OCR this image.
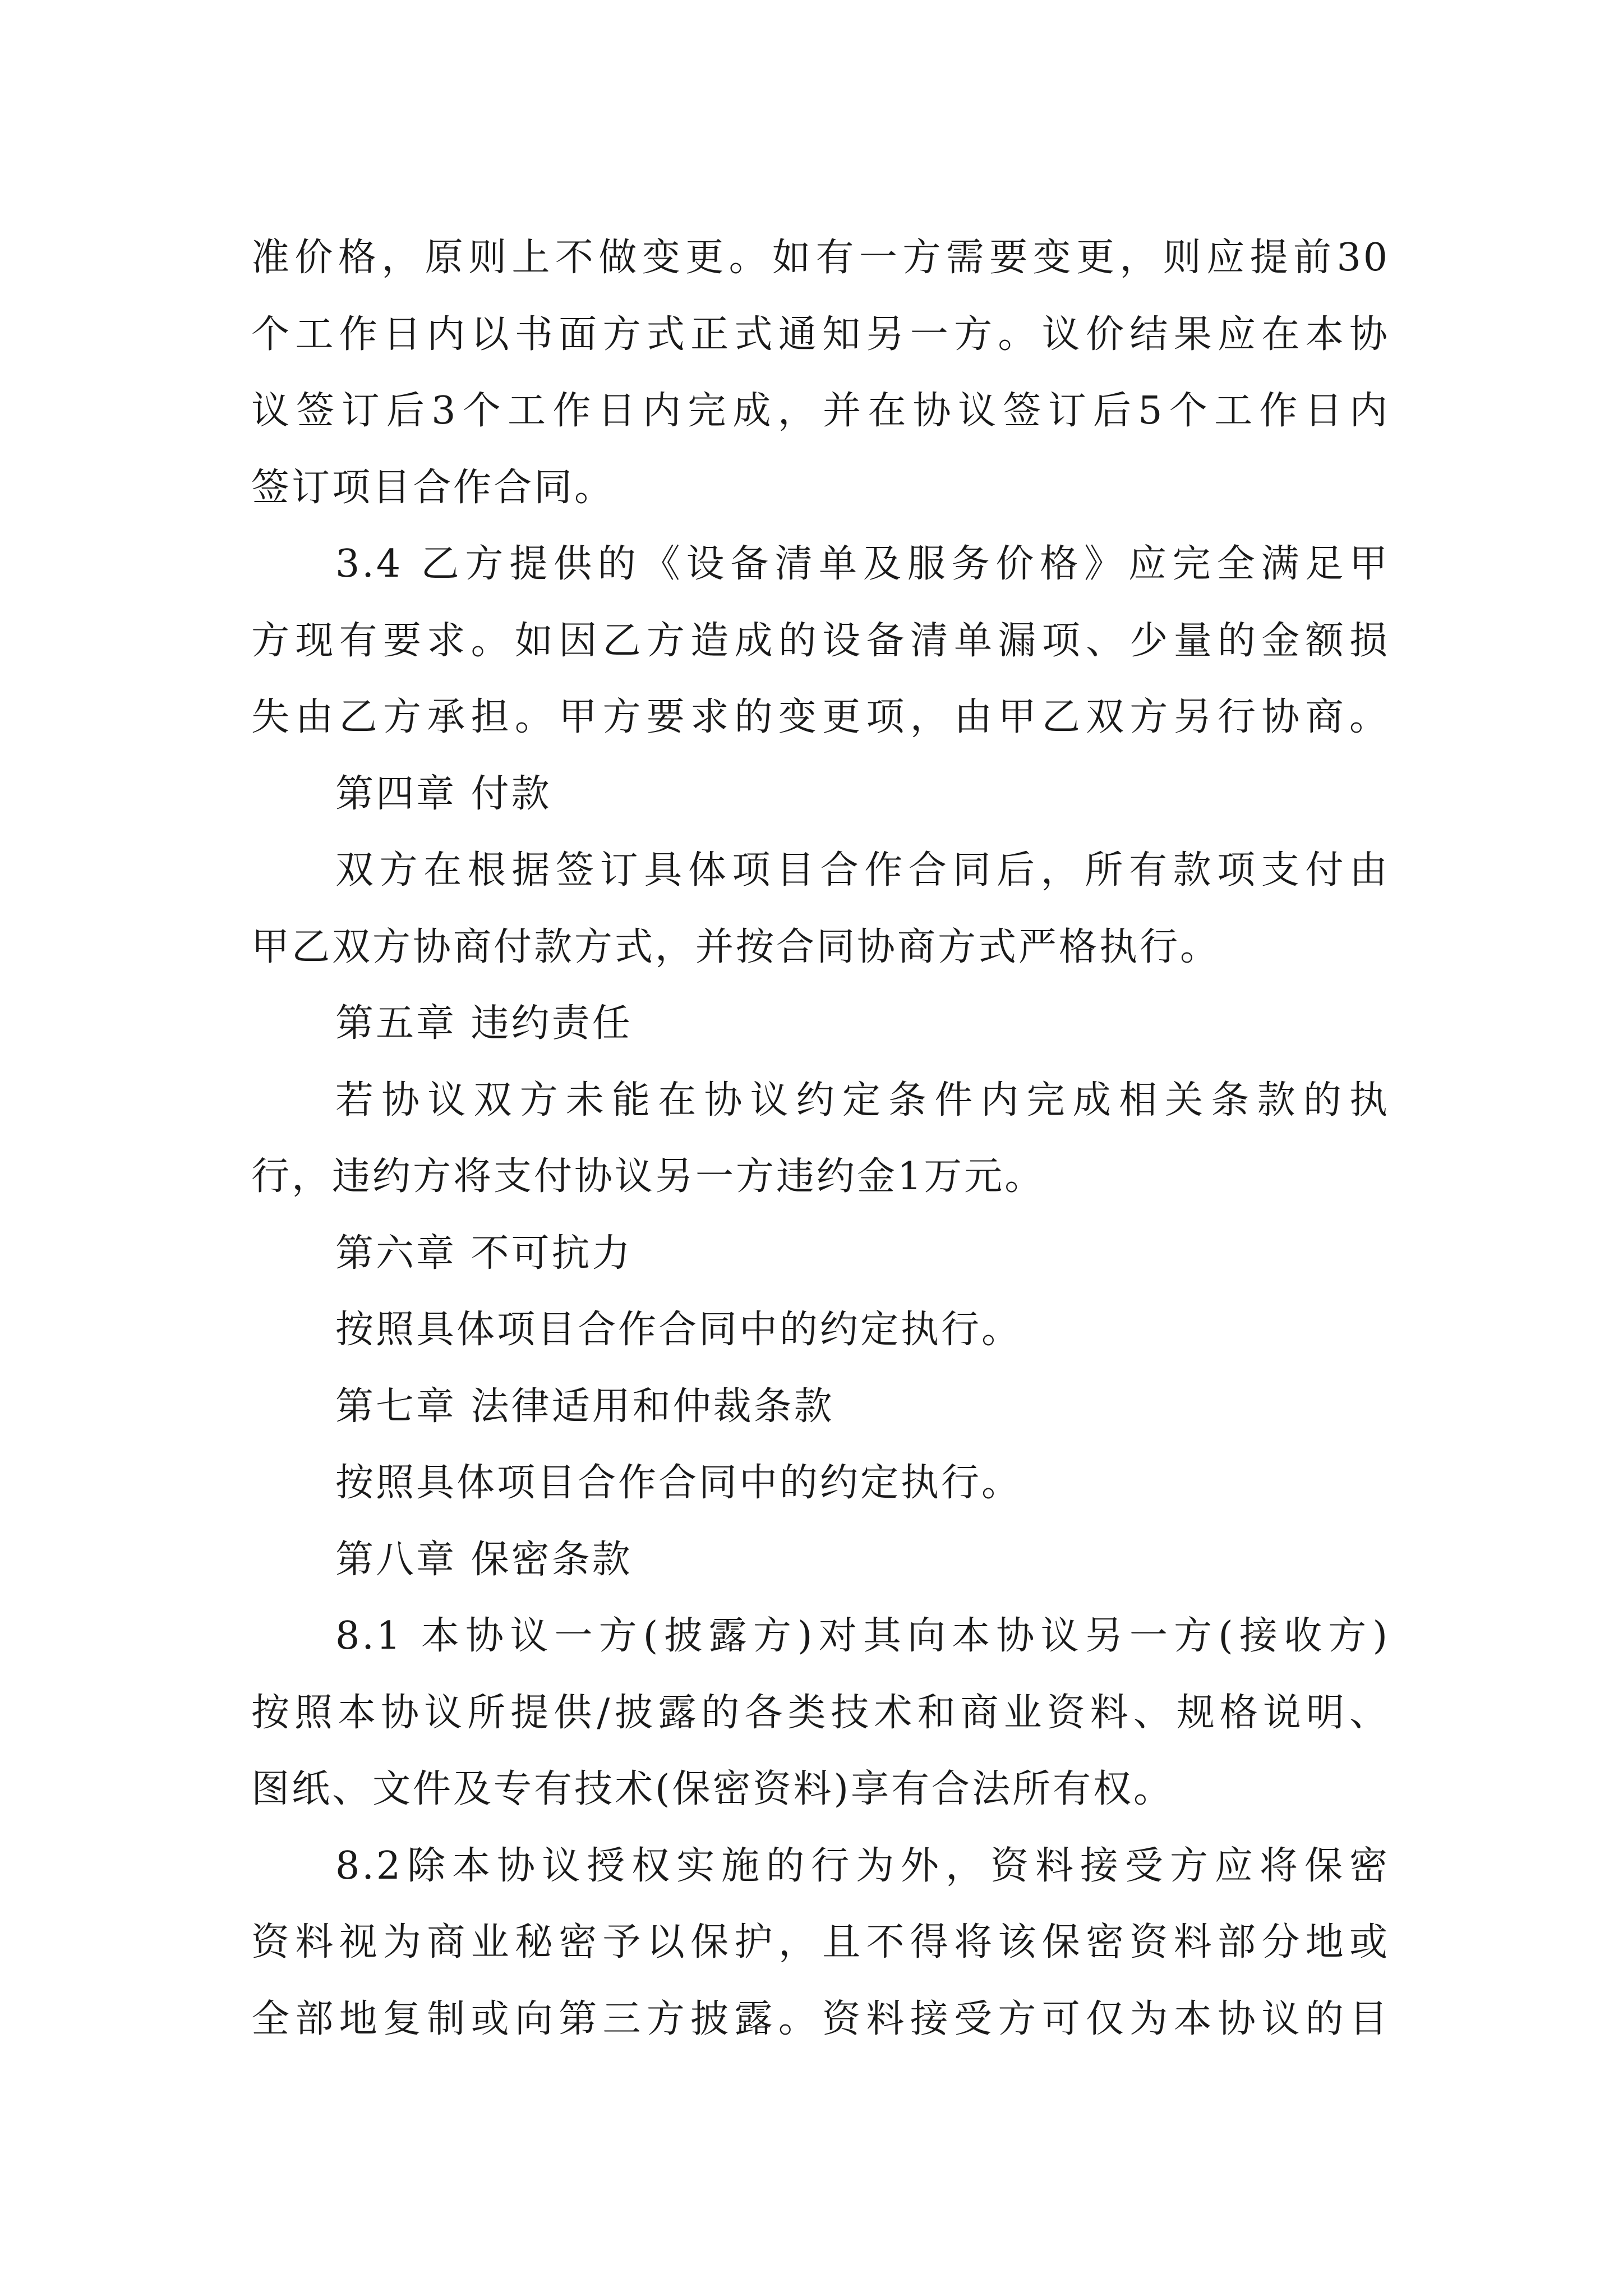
准价格，原则上不做变更。如有一方需要变更，则应提前30
个工作日内以书面方式正式通知另一方。议价结果应在本协
议签订后3个工作日内完成，并在协议签订后5个工作日内
签订项目合作合同。
3.4 乙方提供的《设备清单及服务价格》应完全满足甲
方现有要求。如因乙方造成的设备清单漏项、少量的金额损
失由乙方承担。甲方要求的变更项，由甲乙双方另行协商。
第四章 付款
双方在根据签订具体项目合作合同后，所有款项支付由
甲乙双方协商付款方式，并按合同协商方式严格执行。
第五章 违约责任
若协议双方未能在协议约定条件内完成相关条款的执
行，违约方将支付协议另一方违约金1万元。
第六章 不可抗力
按照具体项目合作合同中的约定执行。
第七章 法律适用和仲裁条款
按照具体项目合作合同中的约定执行。
第八章 保密条款
8.1 本协议一方(披露方)对其向本协议另一方(接收方)
按照本协议所提供/披露的各类技术和商业资料、规格说明、
图纸、文件及专有技术(保密资料)享有合法所有权。
8.2除本协议授权实施的行为外，资料接受方应将保密
资料视为商业秘密予以保护，且不得将该保密资料部分地或
全部地复制或向第三方披露。资料接受方可仅为本协议的目
